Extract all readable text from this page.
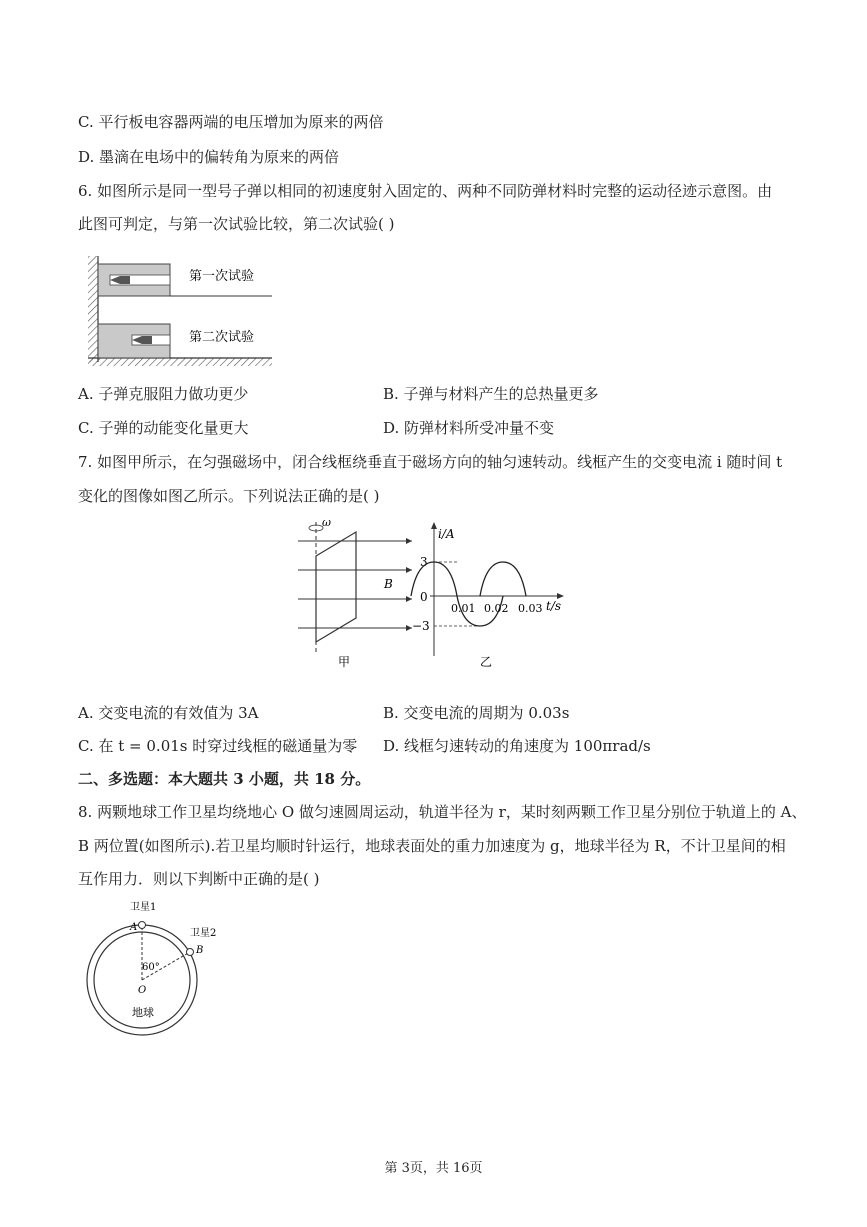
C. 平行板电容器两端的电压增加为原来的两倍
D. 墨滴在电场中的偏转角为原来的两倍
6. 如图所示是同一型号子弹以相同的初速度射入固定的、两种不同防弹材料时完整的运动径迹示意图。由
此图可判定，与第一次试验比较，第二次试验( )
第一次试验
第二次试验
A. 子弹克服阻力做功更少	B. 子弹与材料产生的总热量更多
C. 子弹的动能变化量更大	D. 防弹材料所受冲量不变
7. 如图甲所示，在匀强磁场中，闭合线框绕垂直于磁场方向的轴匀速转动。线框产生的交变电流 i 随时间 t
变化的图像如图乙所示。下列说法正确的是( )
ω
B
甲
i/A
t/s
3
0
−3
0.01 0.02 0.03
乙
A. 交变电流的有效值为 3A	B. 交变电流的周期为 0.03s
C. 在 t = 0.01s 时穿过线框的磁通量为零 D. 线框匀速转动的角速度为 100πrad/s
二、多选题：本大题共 3 小题，共 18 分。
8. 两颗地球工作卫星均绕地心 O 做匀速圆周运动，轨道半径为 r，某时刻两颗工作卫星分别位于轨道上的 A、
B 两位置(如图所示).若卫星均顺时针运行，地球表面处的重力加速度为 g，地球半径为 R，不计卫星间的相
互作用力．则以下判断中正确的是( )
卫星1
卫星2
A
B
60°
O
地球
第 3页，共 16页
